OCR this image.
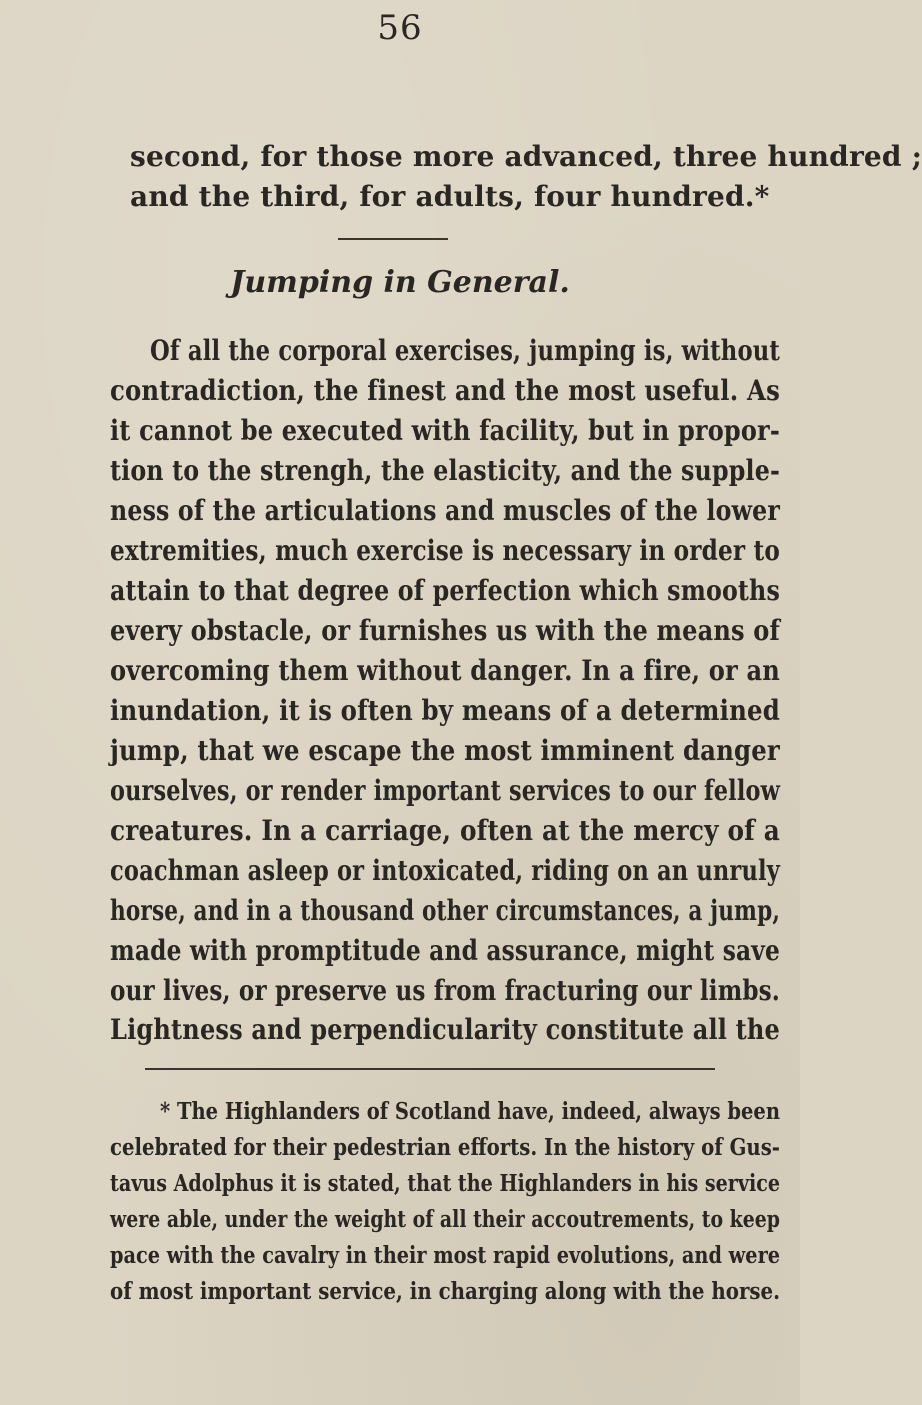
56
second, for those more advanced, three hundred ;
and the third, for adults, four hundred.*
Jumping in General.
Of all the corporal exercises, jumping is, without
contradiction, the finest and the most useful. As
it cannot be executed with facility, but in propor-
tion to the strengh, the elasticity, and the supple-
ness of the articulations and muscles of the lower
extremities, much exercise is necessary in order to
attain to that degree of perfection which smooths
every obstacle, or furnishes us with the means of
overcoming them without danger. In a fire, or an
inundation, it is often by means of a determined
jump, that we escape the most imminent danger
ourselves, or render important services to our fellow
creatures. In a carriage, often at the mercy of a
coachman asleep or intoxicated, riding on an unruly
horse, and in a thousand other circumstances, a jump,
made with promptitude and assurance, might save
our lives, or preserve us from fracturing our limbs.
Lightness and perpendicularity constitute all the
* The Highlanders of Scotland have, indeed, always been
celebrated for their pedestrian efforts. In the history of Gus-
tavus Adolphus it is stated, that the Highlanders in his service
were able, under the weight of all their accoutrements, to keep
pace with the cavalry in their most rapid evolutions, and were
of most important service, in charging along with the horse.
